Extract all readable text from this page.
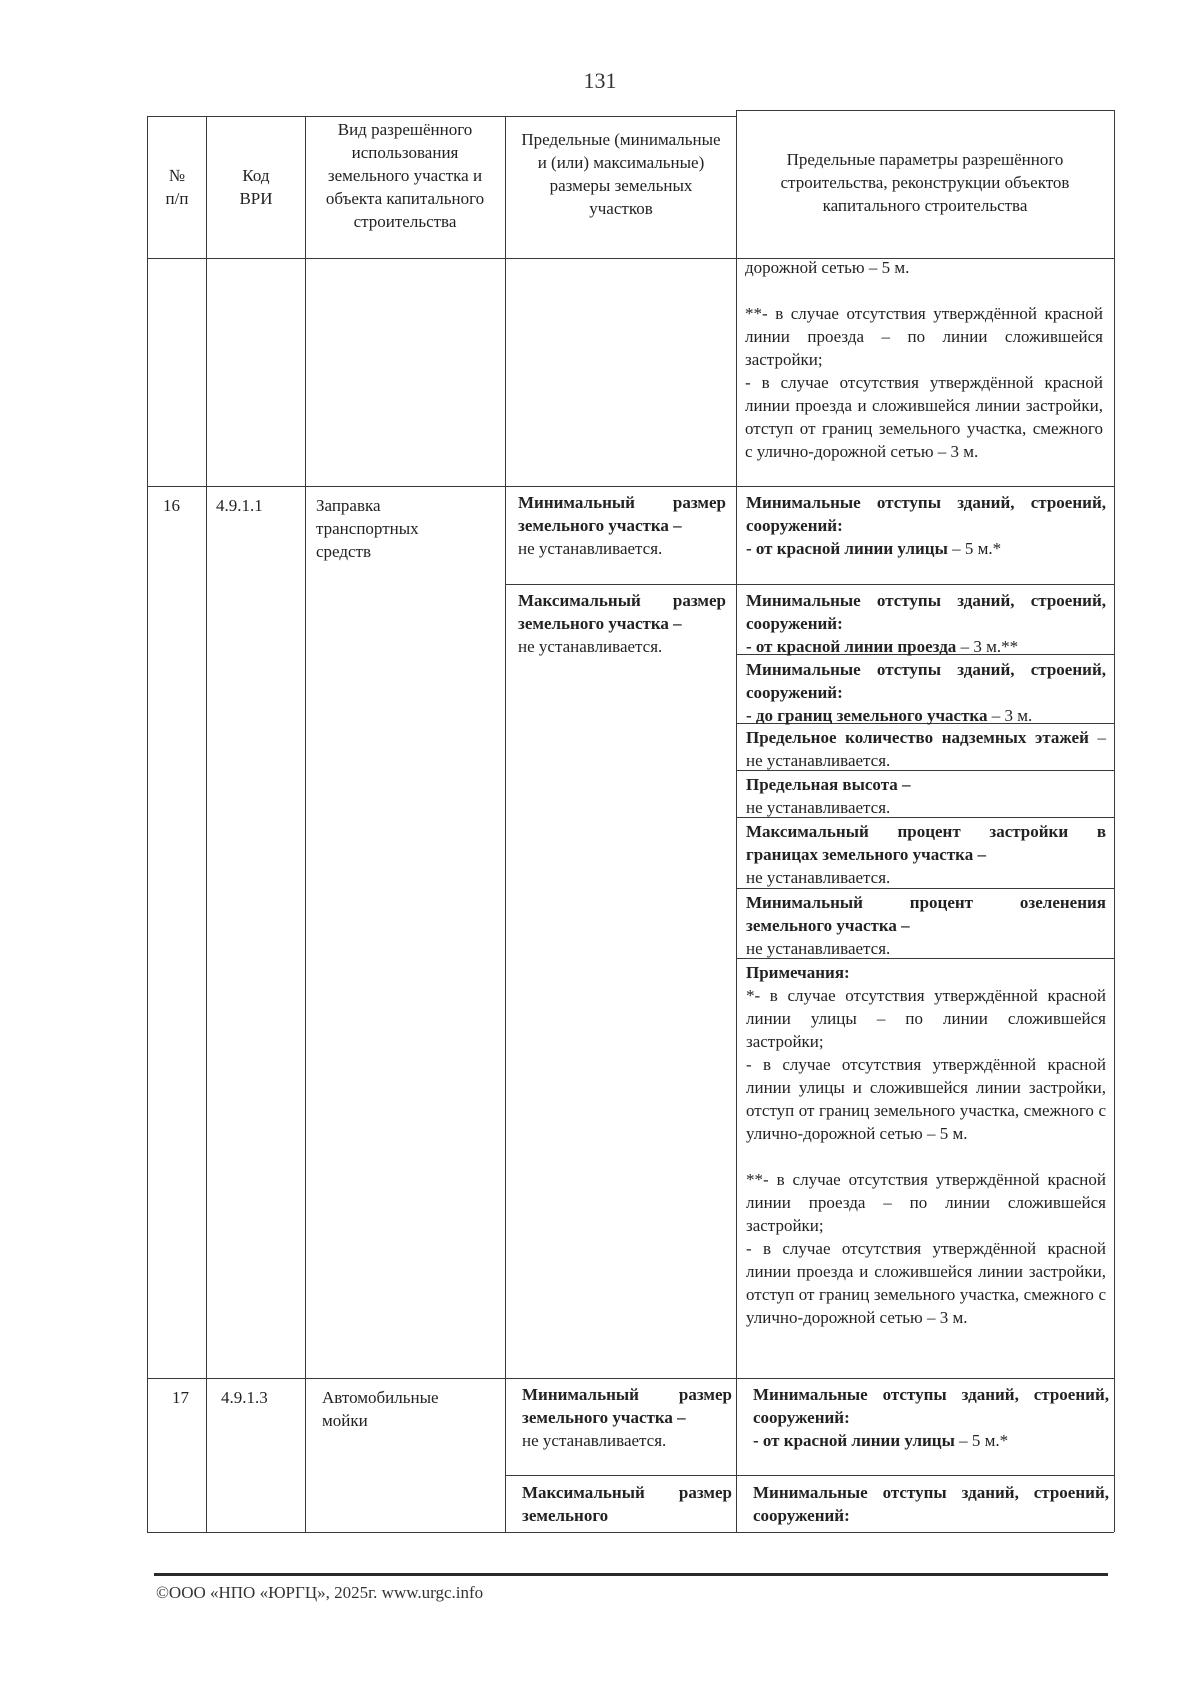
131
№
п/п
Код
ВРИ
Вид разрешённого использования земельного участка и объекта капитального строительства
Предельные (минимальные и (или) максимальные) размеры земельных участков
Предельные параметры разрешённого строительства, реконструкции объектов капитального строительства
дорожной сетью – 5 м.
**- в случае отсутствия утверждённой красной линии проезда – по линии сложившейся застройки;
- в случае отсутствия утверждённой красной линии проезда и сложившейся линии застройки, отступ от границ земельного участка, смежного с улично-дорожной сетью – 3 м.
16 4.9.1.1	Заправка транспортных средств
Минимальный размер земельного участка –
не устанавливается.
Максимальный размер земельного участка –
не устанавливается.
Минимальные отступы зданий, строений, сооружений:
- от красной линии улицы – 5 м.*
Минимальные отступы зданий, строений, сооружений:
- от красной линии проезда – 3 м.**
Минимальные отступы зданий, строений, сооружений:
- до границ земельного участка – 3 м.
Предельное количество надземных этажей – не устанавливается.
Предельная высота –
не устанавливается.
Максимальный процент застройки в границах земельного участка –
не устанавливается.
Минимальный процент озеленения земельного участка –
не устанавливается.
Примечания:
*- в случае отсутствия утверждённой красной линии улицы – по линии сложившейся застройки;
- в случае отсутствия утверждённой красной линии улицы и сложившейся линии застройки, отступ от границ земельного участка, смежного с улично-дорожной сетью – 5 м.
**- в случае отсутствия утверждённой красной линии проезда – по линии сложившейся застройки;
- в случае отсутствия утверждённой красной линии проезда и сложившейся линии застройки, отступ от границ земельного участка, смежного с улично-дорожной сетью – 3 м.
17 4.9.1.3	Автомобильные мойки
Минимальный размер земельного участка –
не устанавливается.
Максимальный размер земельного
Минимальные отступы зданий, строений, сооружений:
- от красной линии улицы – 5 м.*
Минимальные отступы зданий, строений, сооружений:
©ООО «НПО «ЮРГЦ», 2025г. www.urgc.info
